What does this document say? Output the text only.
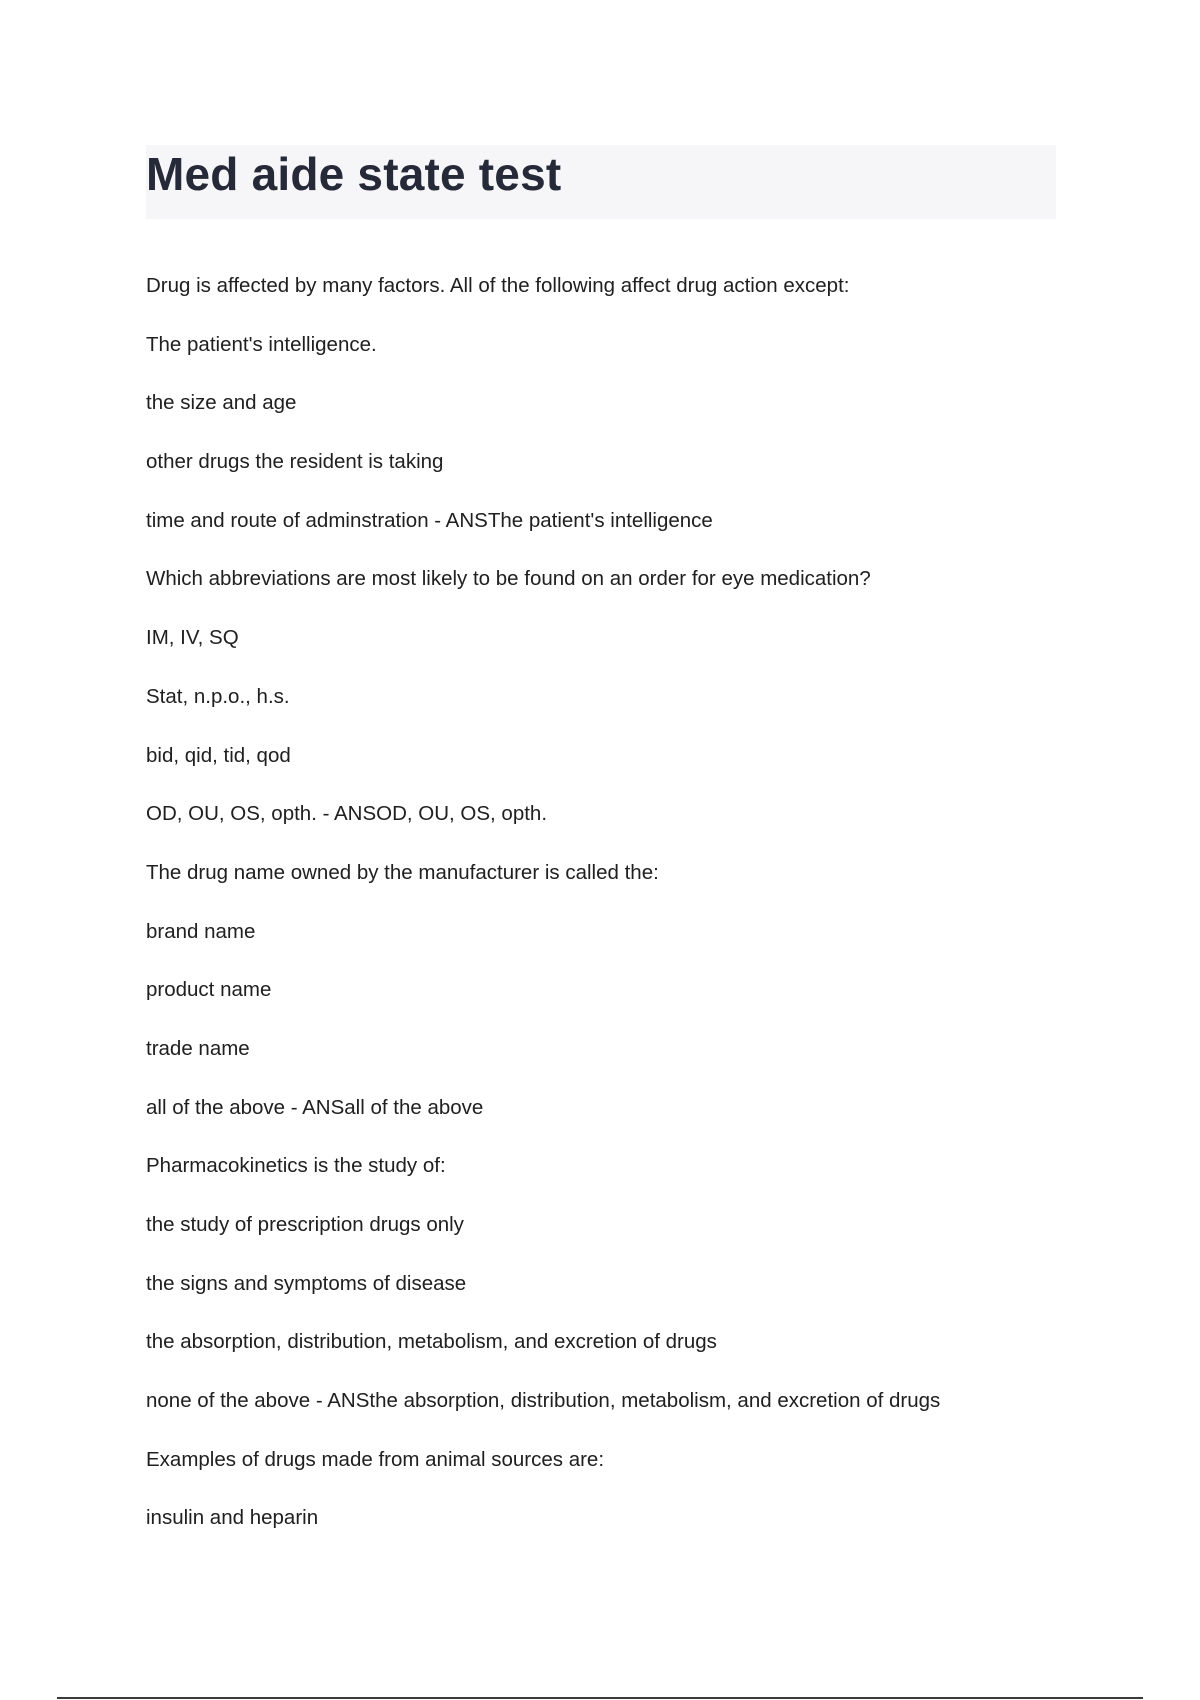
Med aide state test
Drug is affected by many factors. All of the following affect drug action except:
The patient's intelligence.
the size and age
other drugs the resident is taking
time and route of adminstration - ANSThe patient's intelligence
Which abbreviations are most likely to be found on an order for eye medication?
IM, IV, SQ
Stat, n.p.o., h.s.
bid, qid, tid, qod
OD, OU, OS, opth. - ANSOD, OU, OS, opth.
The drug name owned by the manufacturer is called the:
brand name
product name
trade name
all of the above - ANSall of the above
Pharmacokinetics is the study of:
the study of prescription drugs only
the signs and symptoms of disease
the absorption, distribution, metabolism, and excretion of drugs
none of the above - ANSthe absorption, distribution, metabolism, and excretion of drugs
Examples of drugs made from animal sources are:
insulin and heparin
